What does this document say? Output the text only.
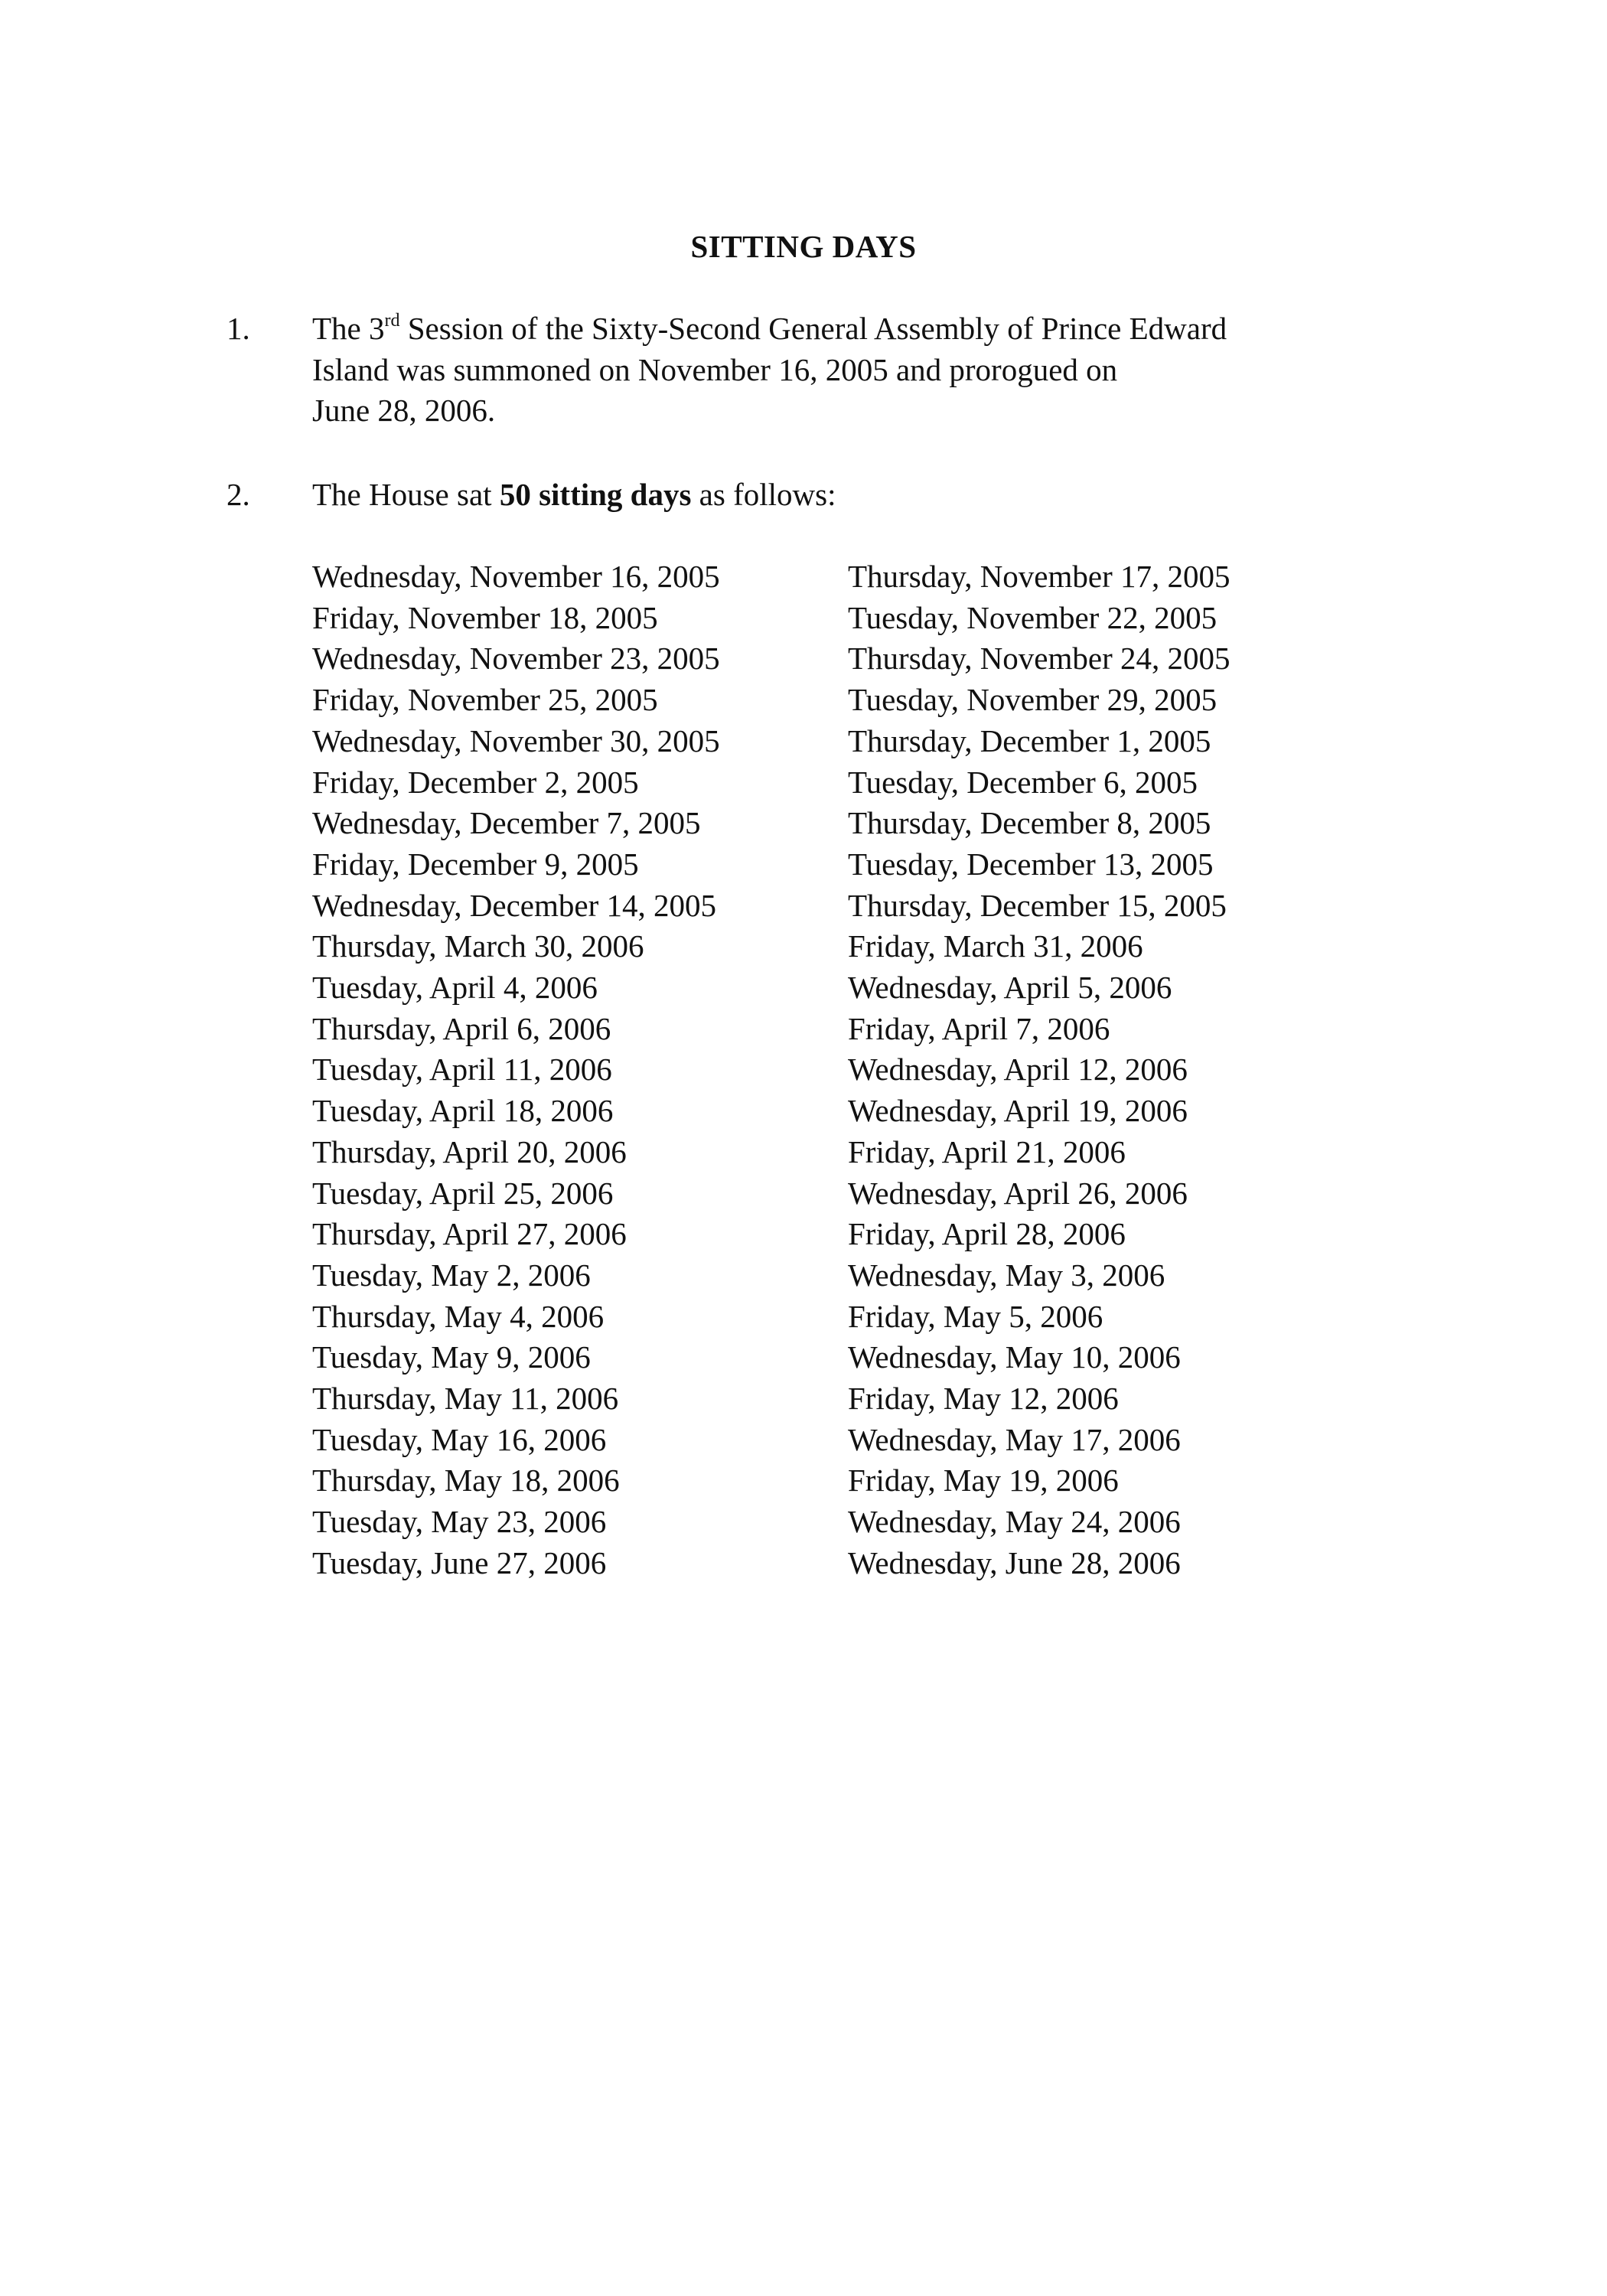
SITTING DAYS
1. The 3rd Session of the Sixty-Second General Assembly of Prince Edward
Island was summoned on November 16, 2005 and prorogued on
June 28, 2006.
2. The House sat 50 sitting days as follows:
Wednesday, November 16, 2005	Thursday, November 17, 2005
Friday, November 18, 2005	Tuesday, November 22, 2005
Wednesday, November 23, 2005	Thursday, November 24, 2005
Friday, November 25, 2005	Tuesday, November 29, 2005
Wednesday, November 30, 2005	Thursday, December 1, 2005
Friday, December 2, 2005	Tuesday, December 6, 2005
Wednesday, December 7, 2005	Thursday, December 8, 2005
Friday, December 9, 2005	Tuesday, December 13, 2005
Wednesday, December 14, 2005	Thursday, December 15, 2005
Thursday, March 30, 2006	Friday, March 31, 2006
Tuesday, April 4, 2006	Wednesday, April 5, 2006
Thursday, April 6, 2006	Friday, April 7, 2006
Tuesday, April 11, 2006	Wednesday, April 12, 2006
Tuesday, April 18, 2006	Wednesday, April 19, 2006
Thursday, April 20, 2006	Friday, April 21, 2006
Tuesday, April 25, 2006	Wednesday, April 26, 2006
Thursday, April 27, 2006	Friday, April 28, 2006
Tuesday, May 2, 2006	Wednesday, May 3, 2006
Thursday, May 4, 2006	Friday, May 5, 2006
Tuesday, May 9, 2006	Wednesday, May 10, 2006
Thursday, May 11, 2006	Friday, May 12, 2006
Tuesday, May 16, 2006	Wednesday, May 17, 2006
Thursday, May 18, 2006	Friday, May 19, 2006
Tuesday, May 23, 2006	Wednesday, May 24, 2006
Tuesday, June 27, 2006	Wednesday, June 28, 2006
